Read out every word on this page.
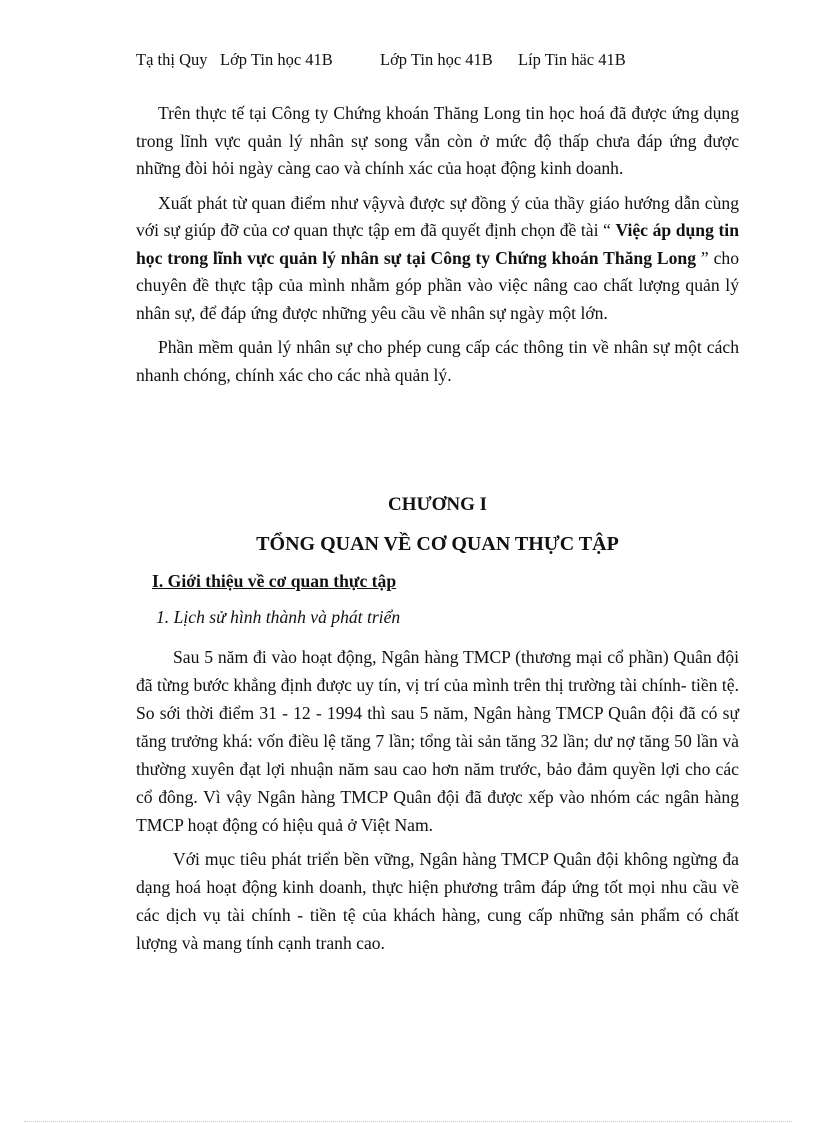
Tạ thị Quy Lớp Tin học 41B	Lớp Tin học 41B Líp Tin häc 41B

Trên thực tế tại Công ty Chứng khoán Thăng Long tin học hoá đã được ứng dụng trong lĩnh vực quản lý nhân sự song vẫn còn ở mức độ thấp chưa đáp ứng được những đòi hỏi ngày càng cao và chính xác của hoạt động kinh doanh.

Xuất phát từ quan điểm như vậyvà được sự đồng ý của thầy giáo hướng dẫn cùng với sự giúp đỡ của cơ quan thực tập em đã quyết định chọn đề tài “ Việc áp dụng tin học trong lĩnh vực quản lý nhân sự tại Công ty Chứng khoán Thăng Long ” cho chuyên đề thực tập của mình nhằm góp phần vào việc nâng cao chất lượng quản lý nhân sự, để đáp ứng được những yêu cầu về nhân sự ngày một lớn.

Phần mềm quản lý nhân sự cho phép cung cấp các thông tin về nhân sự một cách nhanh chóng, chính xác cho các nhà quản lý.

CHƯƠNG I
TỔNG QUAN VỀ CƠ QUAN THỰC TẬP
I. Giới thiệu về cơ quan thực tập
1. Lịch sử hình thành và phát triển

Sau 5 năm đi vào hoạt động, Ngân hàng TMCP (thương mại cổ phần) Quân đội đã từng bước khẳng định được uy tín, vị trí của mình trên thị trường tài chính- tiền tệ. So sới thời điểm 31 - 12 - 1994 thì sau 5 năm, Ngân hàng TMCP Quân đội đã có sự tăng trưởng khá: vốn điều lệ tăng 7 lần; tổng tài sản tăng 32 lần; dư nợ tăng 50 lần và thường xuyên đạt lợi nhuận năm sau cao hơn năm trước, bảo đảm quyền lợi cho các cổ đông. Vì vậy Ngân hàng TMCP Quân đội đã được xếp vào nhóm các ngân hàng TMCP hoạt động có hiệu quả ở Việt Nam.

Với mục tiêu phát triển bền vững, Ngân hàng TMCP Quân đội không ngừng đa dạng hoá hoạt động kinh doanh, thực hiện phương trâm đáp ứng tốt mọi nhu cầu về các dịch vụ tài chính - tiền tệ của khách hàng, cung cấp những sản phẩm có chất lượng và mang tính cạnh tranh cao.
